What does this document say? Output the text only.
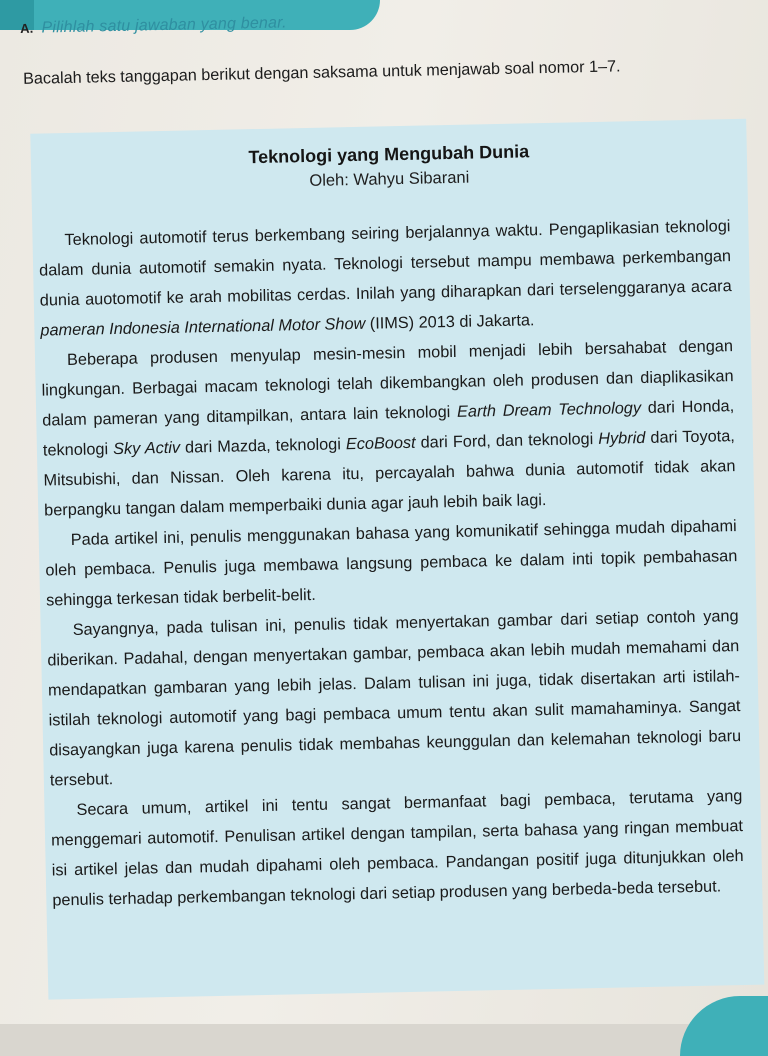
A. Pilihlah satu jawaban yang benar.
Bacalah teks tanggapan berikut dengan saksama untuk menjawab soal nomor 1–7.
Teknologi yang Mengubah Dunia
Oleh: Wahyu Sibarani

Teknologi automotif terus berkembang seiring berjalannya waktu. Pengaplikasian teknologi dalam dunia automotif semakin nyata. Teknologi tersebut mampu membawa perkembangan dunia auotomotif ke arah mobilitas cerdas. Inilah yang diharapkan dari terselenggaranya acara pameran Indonesia International Motor Show (IIMS) 2013 di Jakarta.

Beberapa produsen menyulap mesin-mesin mobil menjadi lebih bersahabat dengan lingkungan. Berbagai macam teknologi telah dikembangkan oleh produsen dan diaplikasikan dalam pameran yang ditampilkan, antara lain teknologi Earth Dream Technology dari Honda, teknologi Sky Activ dari Mazda, teknologi EcoBoost dari Ford, dan teknologi Hybrid dari Toyota, Mitsubishi, dan Nissan. Oleh karena itu, percayalah bahwa dunia automotif tidak akan berpangku tangan dalam memperbaiki dunia agar jauh lebih baik lagi.

Pada artikel ini, penulis menggunakan bahasa yang komunikatif sehingga mudah dipahami oleh pembaca. Penulis juga membawa langsung pembaca ke dalam inti topik pembahasan sehingga terkesan tidak berbelit-belit.

Sayangnya, pada tulisan ini, penulis tidak menyertakan gambar dari setiap contoh yang diberikan. Padahal, dengan menyertakan gambar, pembaca akan lebih mudah memahami dan mendapatkan gambaran yang lebih jelas. Dalam tulisan ini juga, tidak disertakan arti istilah-istilah teknologi automotif yang bagi pembaca umum tentu akan sulit mamahaminya. Sangat disayangkan juga karena penulis tidak membahas keunggulan dan kelemahan teknologi baru tersebut.

Secara umum, artikel ini tentu sangat bermanfaat bagi pembaca, terutama yang menggemari automotif. Penulisan artikel dengan tampilan, serta bahasa yang ringan membuat isi artikel jelas dan mudah dipahami oleh pembaca. Pandangan positif juga ditunjukkan oleh penulis terhadap perkembangan teknologi dari setiap produsen yang berbeda-beda tersebut.
